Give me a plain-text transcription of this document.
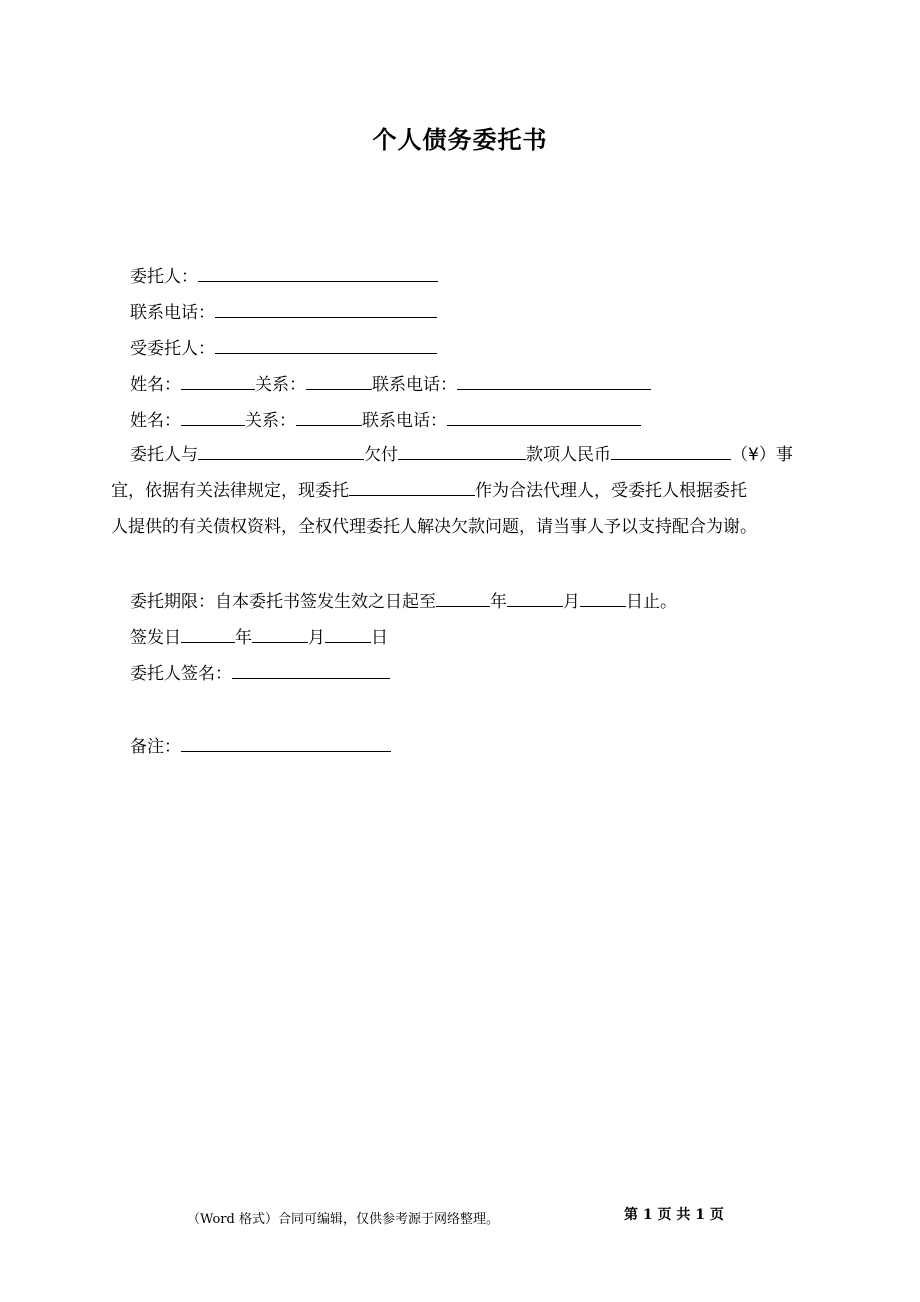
个人债务委托书
委托人：
联系电话：
受委托人：
姓名：	关系：	联系电话：
姓名：	关系：	联系电话：
委托人与	欠付	款项人民币	（¥）事
宜，依据有关法律规定，现委托	作为合法代理人，受委托人根据委托
人提供的有关债权资料，全权代理委托人解决欠款问题，请当事人予以支持配合为谢。
委托期限：自本委托书签发生效之日起至	年	月	日止。
签发日	年	月	日
委托人签名：
备注：
（Word 格式）合同可编辑，仅供参考源于网络整理。	第 1 页 共 1 页
